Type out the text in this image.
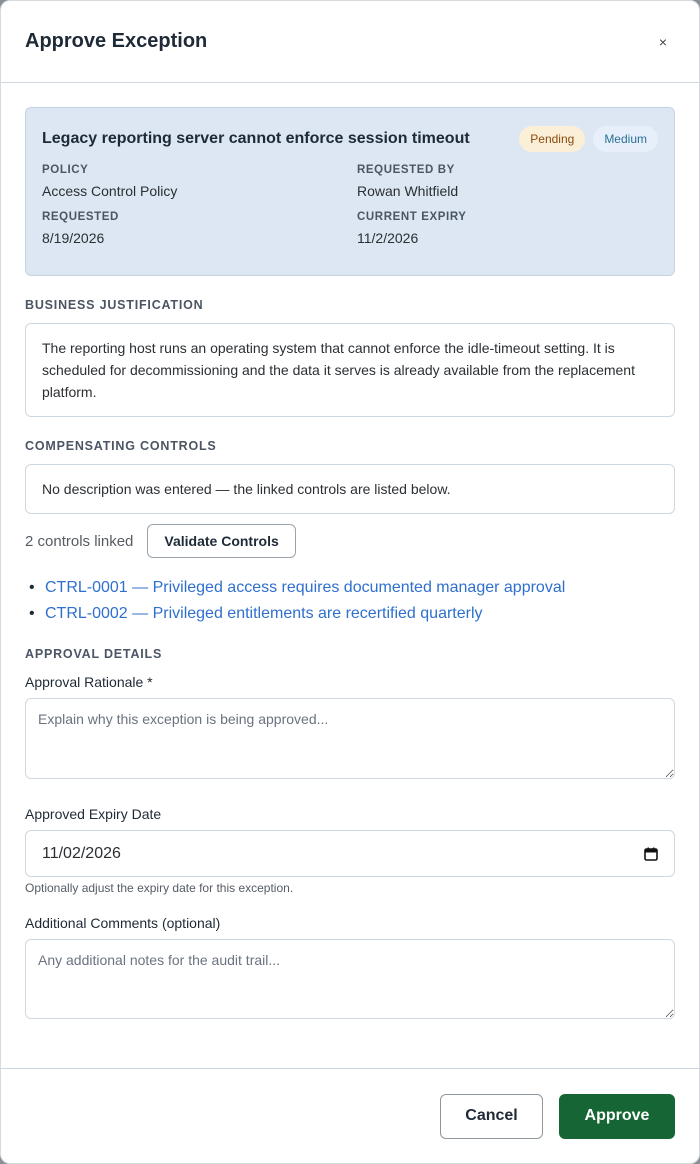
Approve Exception	×
Legacy reporting server cannot enforce session timeout	Pending	Medium
POLICY
Access Control Policy
REQUESTED BY
Rowan Whitfield
REQUESTED
8/19/2026
CURRENT EXPIRY
11/2/2026
BUSINESS JUSTIFICATION
The reporting host runs an operating system that cannot enforce the idle-timeout setting. It is scheduled for decommissioning and the data it serves is already available from the replacement platform.
COMPENSATING CONTROLS
No description was entered — the linked controls are listed below.
2 controls linked	Validate Controls
• CTRL-0001 — Privileged access requires documented manager approval
• CTRL-0002 — Privileged entitlements are recertified quarterly
APPROVAL DETAILS
Approval Rationale *
Explain why this exception is being approved...
Approved Expiry Date
11/02/2026
Optionally adjust the expiry date for this exception.
Additional Comments (optional)
Any additional notes for the audit trail...
Cancel	Approve
